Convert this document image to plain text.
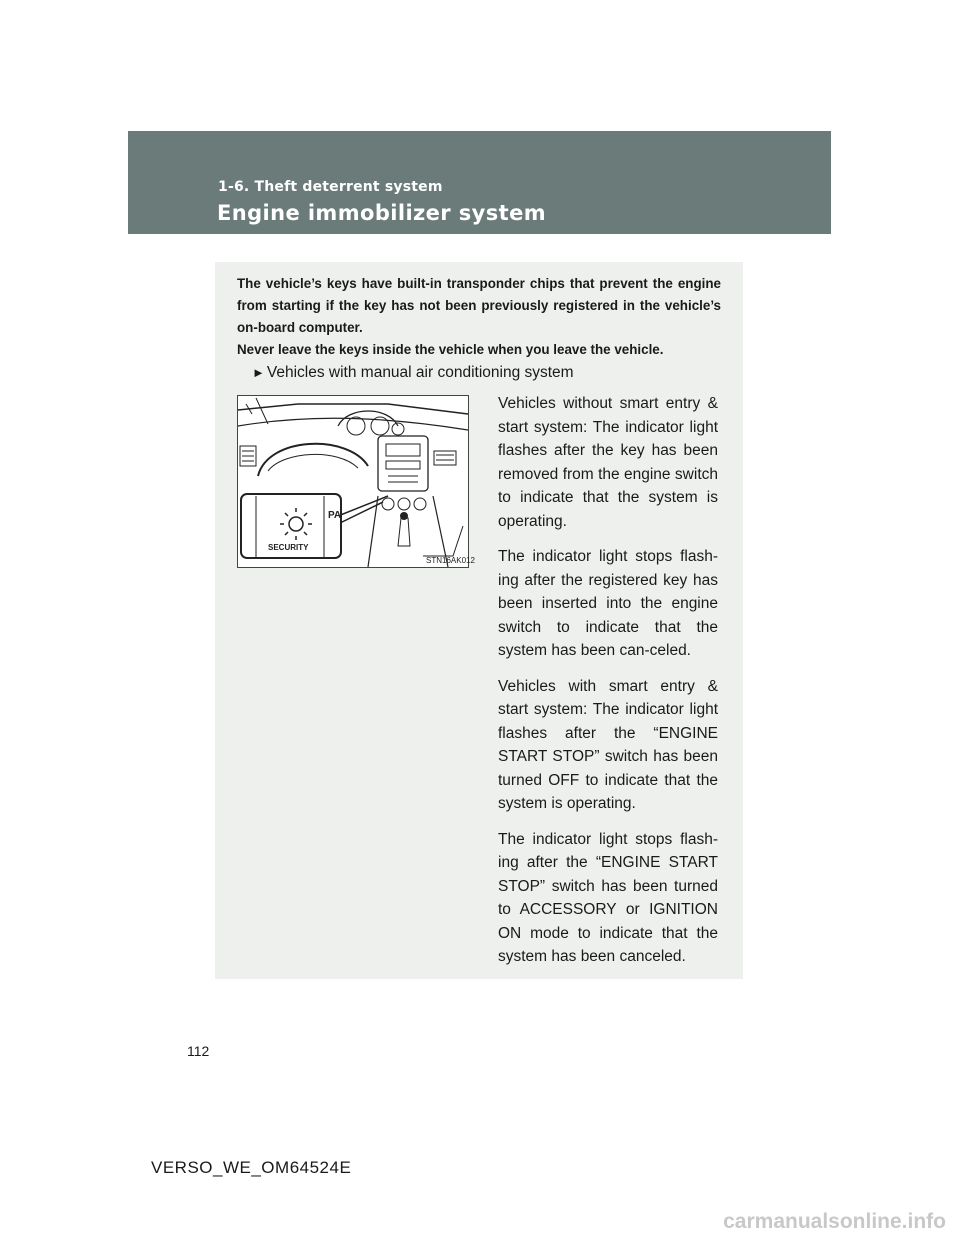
1-6. Theft deterrent system
Engine immobilizer system

The vehicle’s keys have built-in transponder chips that prevent the engine from starting if the key has not been previously registered in the vehicle’s on-board computer.

Never leave the keys inside the vehicle when you leave the vehicle.

► Vehicles with manual air conditioning system
SECURITY
PA
STN16AK012

Vehicles without smart entry & start system: The indicator light flashes after the key has been removed from the engine switch to indicate that the system is operating.

The indicator light stops flash-ing after the registered key has been inserted into the engine switch to indicate that the system has been can-celed.

Vehicles with smart entry & start system: The indicator light flashes after the “ENGINE START STOP” switch has been turned OFF to indicate that the system is operating.

The indicator light stops flash-ing after the “ENGINE START STOP” switch has been turned to ACCESSORY or IGNITION ON mode to indicate that the system has been canceled.

112
VERSO_WE_OM64524E
carmanualsonline.info
